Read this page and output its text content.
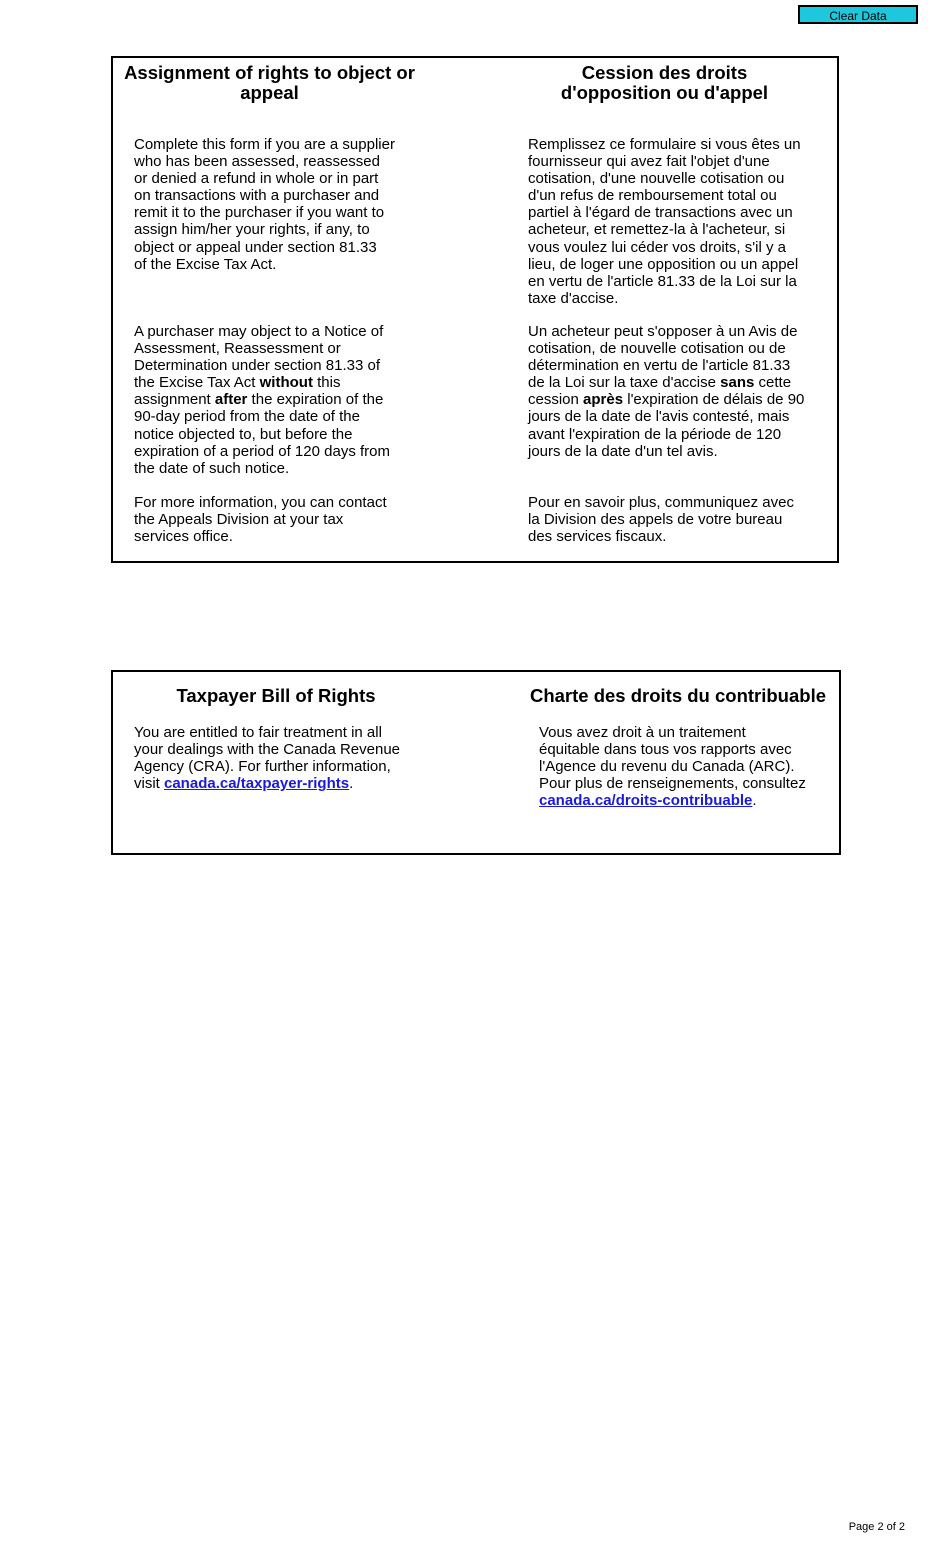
Clear Data
Assignment of rights to object or
appeal
Cession des droits
d'opposition ou d'appel
Complete this form if you are a supplier
who has been assessed, reassessed
or denied a refund in whole or in part
on transactions with a purchaser and
remit it to the purchaser if you want to
assign him/her your rights, if any, to
object or appeal under section 81.33
of the Excise Tax Act.
Remplissez ce formulaire si vous êtes un
fournisseur qui avez fait l'objet d'une
cotisation, d'une nouvelle cotisation ou
d'un refus de remboursement total ou
partiel à l'égard de transactions avec un
acheteur, et remettez-la à l'acheteur, si
vous voulez lui céder vos droits, s'il y a
lieu, de loger une opposition ou un appel
en vertu de l'article 81.33 de la Loi sur la
taxe d'accise.
A purchaser may object to a Notice of
Assessment, Reassessment or
Determination under section 81.33 of
the Excise Tax Act without this
assignment after the expiration of the
90-day period from the date of the
notice objected to, but before the
expiration of a period of 120 days from
the date of such notice.
Un acheteur peut s'opposer à un Avis de
cotisation, de nouvelle cotisation ou de
détermination en vertu de l'article 81.33
de la Loi sur la taxe d'accise sans cette
cession après l'expiration de délais de 90
jours de la date de l'avis contesté, mais
avant l'expiration de la période de 120
jours de la date d'un tel avis.
For more information, you can contact
the Appeals Division at your tax
services office.
Pour en savoir plus, communiquez avec
la Division des appels de votre bureau
des services fiscaux.
Taxpayer Bill of Rights	Charte des droits du contribuable
You are entitled to fair treatment in all
your dealings with the Canada Revenue
Agency (CRA). For further information,
visit canada.ca/taxpayer-rights.
Vous avez droit à un traitement
équitable dans tous vos rapports avec
l'Agence du revenu du Canada (ARC).
Pour plus de renseignements, consultez
canada.ca/droits-contribuable.
Page 2 of 2
